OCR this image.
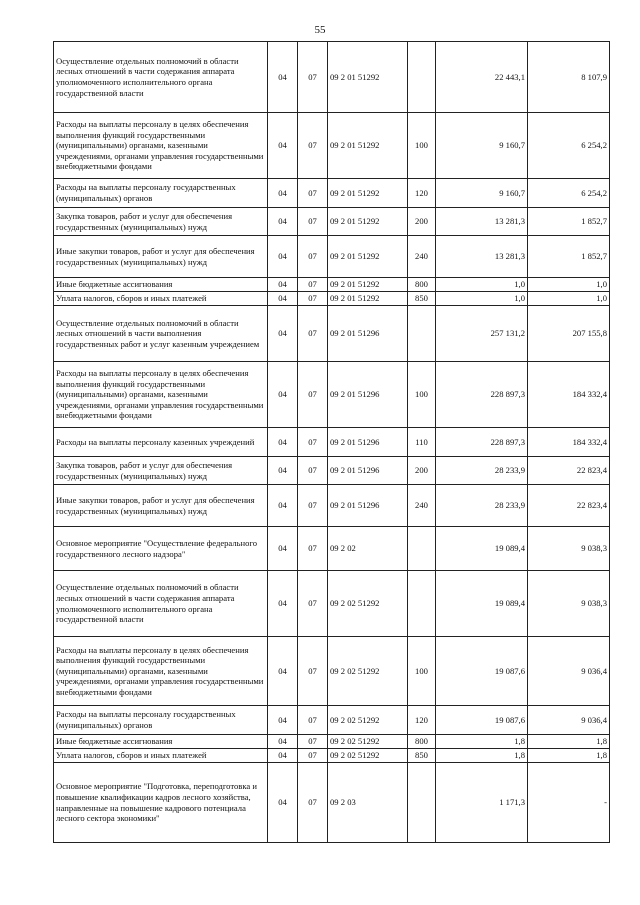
55
Осуществление отдельных полномочий в области лесных отношений в части содержания аппарата уполномоченного исполнительного органа государственной власти	04	07	09 2 01 51292		22 443,1	8 107,9
Расходы на выплаты персоналу в целях обеспечения выполнения функций государственными (муниципальными) органами, казенными учреждениями, органами управления государственными внебюджетными фондами	04	07	09 2 01 51292	100	9 160,7	6 254,2
Расходы на выплаты персоналу государственных (муниципальных) органов	04	07	09 2 01 51292	120	9 160,7	6 254,2
Закупка товаров, работ и услуг для обеспечения государственных (муниципальных) нужд	04	07	09 2 01 51292	200	13 281,3	1 852,7
Иные закупки товаров, работ и услуг для обеспечения государственных (муниципальных) нужд	04	07	09 2 01 51292	240	13 281,3	1 852,7
Иные бюджетные ассигнования	04	07	09 2 01 51292	800	1,0	1,0
Уплата налогов, сборов и иных платежей	04	07	09 2 01 51292	850	1,0	1,0
Осуществление отдельных полномочий в области лесных отношений в части выполнения государственных работ и услуг казенным учреждением	04	07	09 2 01 51296		257 131,2	207 155,8
Расходы на выплаты персоналу в целях обеспечения выполнения функций государственными (муниципальными) органами, казенными учреждениями, органами управления государственными внебюджетными фондами	04	07	09 2 01 51296	100	228 897,3	184 332,4
Расходы на выплаты персоналу казенных учреждений	04	07	09 2 01 51296	110	228 897,3	184 332,4
Закупка товаров, работ и услуг для обеспечения государственных (муниципальных) нужд	04	07	09 2 01 51296	200	28 233,9	22 823,4
Иные закупки товаров, работ и услуг для обеспечения государственных (муниципальных) нужд	04	07	09 2 01 51296	240	28 233,9	22 823,4
Основное мероприятие "Осуществление федерального государственного лесного надзора"	04	07	09 2 02		19 089,4	9 038,3
Осуществление отдельных полномочий в области лесных отношений в части содержания аппарата уполномоченного исполнительного органа государственной власти	04	07	09 2 02 51292		19 089,4	9 038,3
Расходы на выплаты персоналу в целях обеспечения выполнения функций государственными (муниципальными) органами, казенными учреждениями, органами управления государственными внебюджетными фондами	04	07	09 2 02 51292	100	19 087,6	9 036,4
Расходы на выплаты персоналу государственных (муниципальных) органов	04	07	09 2 02 51292	120	19 087,6	9 036,4
Иные бюджетные ассигнования	04	07	09 2 02 51292	800	1,8	1,8
Уплата налогов, сборов и иных платежей	04	07	09 2 02 51292	850	1,8	1,8
Основное мероприятие "Подготовка, переподготовка и повышение квалификации кадров лесного хозяйства, направленные на повышение кадрового потенциала лесного сектора экономики"	04	07	09 2 03		1 171,3	-
